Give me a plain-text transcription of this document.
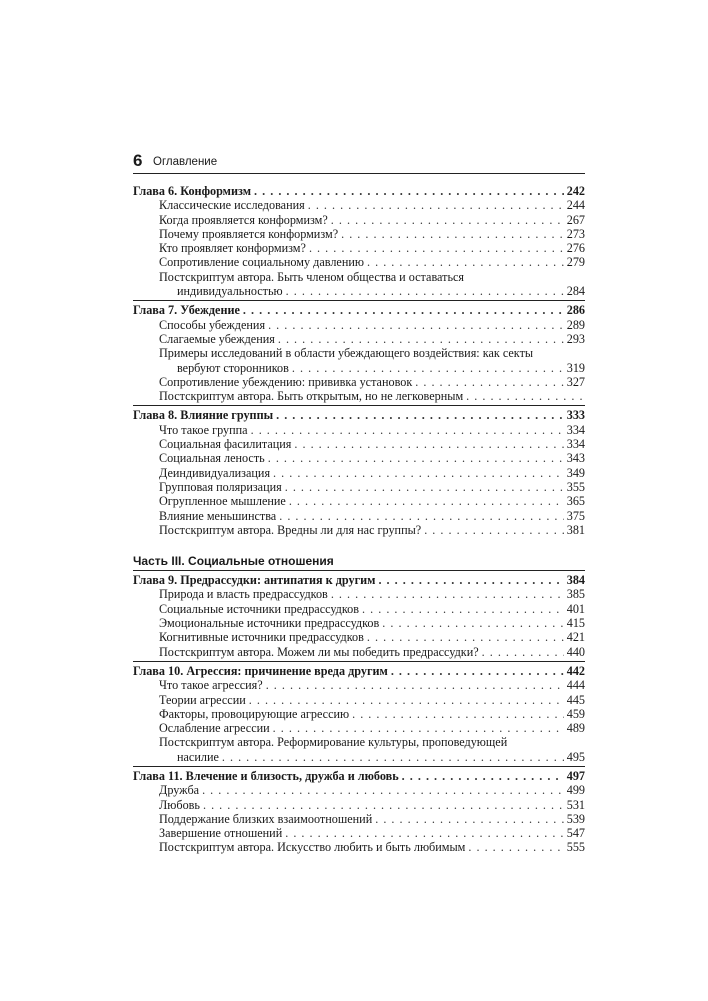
6 Оглавление
Глава 6. Конформизм . . .	242
Классические исследования . . .	244
Когда проявляется конформизм? . . .	267
Почему проявляется конформизм? . . .	273
Кто проявляет конформизм? . . .	276
Сопротивление социальному давлению . . .	279
Постскриптум автора. Быть членом общества и оставаться
индивидуальностью . . .	284
Глава 7. Убеждение . . .	286
Способы убеждения . . .	289
Слагаемые убеждения . . .	293
Примеры исследований в области убеждающего воздействия: как секты
вербуют сторонников . . .	319
Сопротивление убеждению: прививка установок . . .	327
Постскриптум автора. Быть открытым, но не легковерным
. . .
Глава 8. Влияние группы . . .	333
Что такое группа . . .	334
Социальная фасилитация . . .	334
Социальная леность . . .	343
Деиндивидуализация . . .	349
Групповая поляризация . . .	355
Огрупленное мышление . . .	365
Влияние меньшинства . . .	375
Постскриптум автора. Вредны ли для нас группы? . . .	381
Часть III. Социальные отношения
Глава 9. Предрассудки: антипатия к другим . . .	384
Природа и власть предрассудков . . .	385
Социальные источники предрассудков . . .	401
Эмоциональные источники предрассудков . . .	415
Когнитивные источники предрассудков . . .	421
Постскриптум автора. Можем ли мы победить предрассудки? . . .	440
Глава 10. Агрессия: причинение вреда другим . . .	442
Что такое агрессия? . . .	444
Теории агрессии . . .	445
Факторы, провоцирующие агрессию . . .	459
Ослабление агрессии . . .	489
Постскриптум автора. Реформирование культуры, проповедующей
насилие . . .	495
Глава 11. Влечение и близость, дружба и любовь . . .	497
Дружба . . .	499
Любовь . . .	531
Поддержание близких взаимоотношений . . .	539
Завершение отношений . . .	547
Постскриптум автора. Искусство любить и быть любимым . . .	555
